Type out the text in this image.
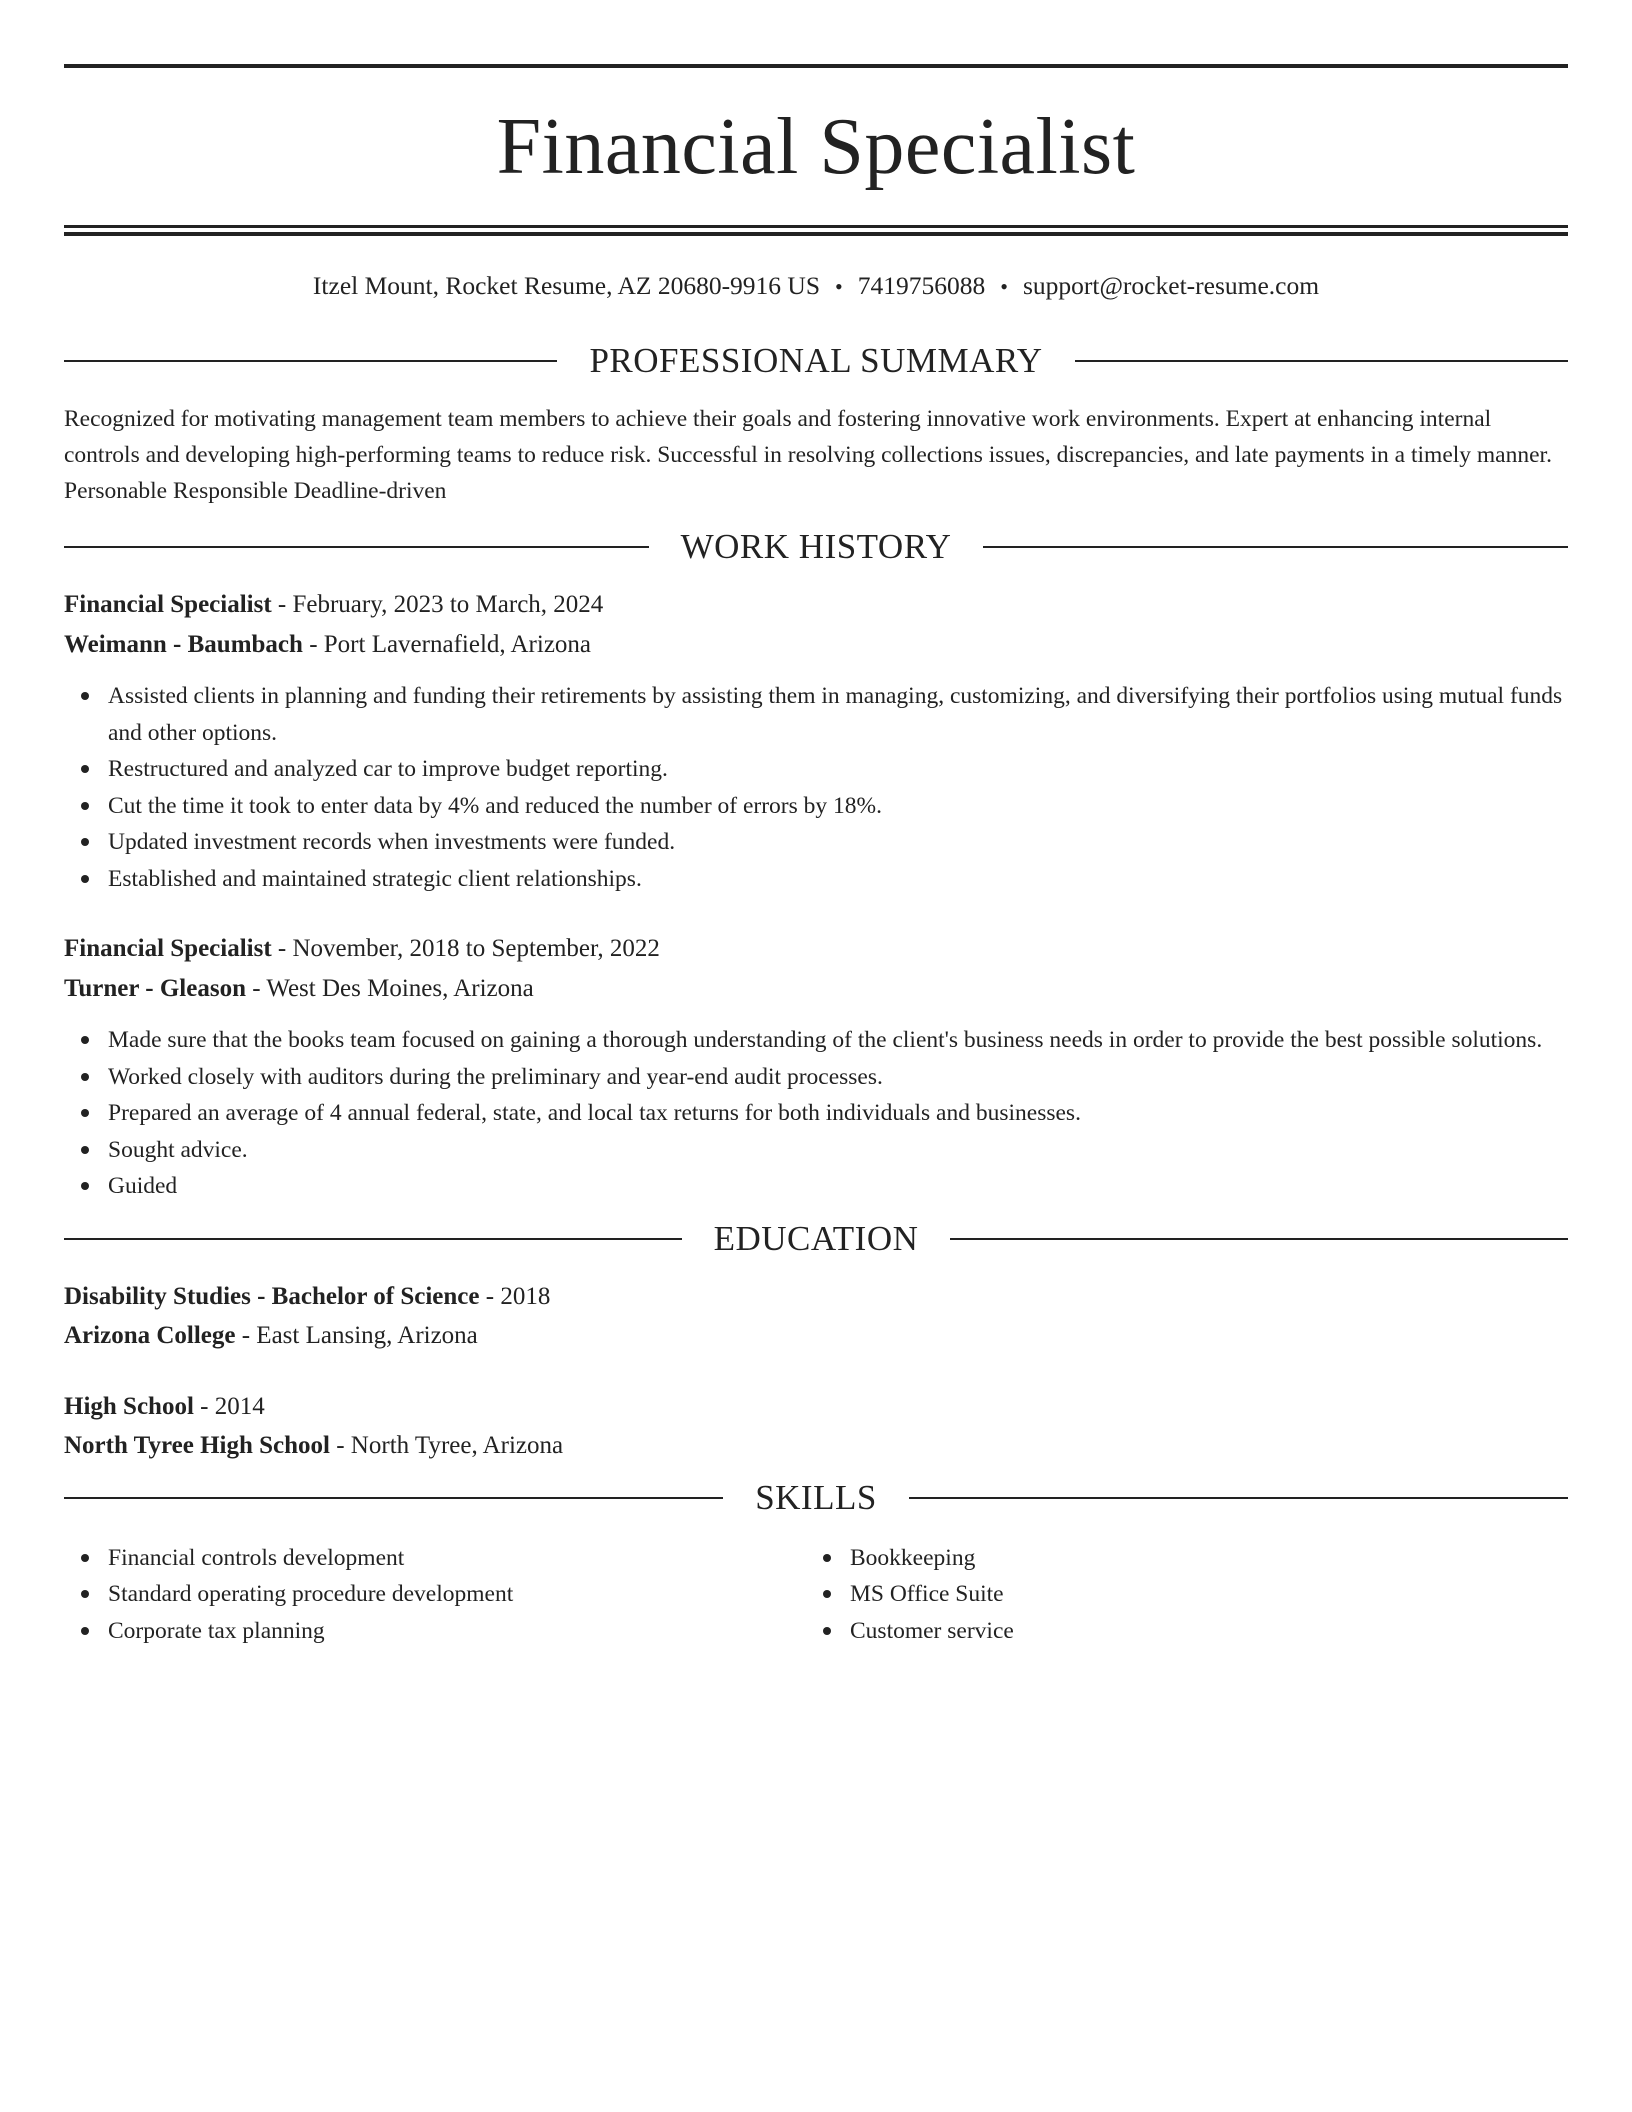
Financial Specialist
Itzel Mount, Rocket Resume, AZ 20680-9916 US • 7419756088 • support@rocket-resume.com
PROFESSIONAL SUMMARY
Recognized for motivating management team members to achieve their goals and fostering innovative work environments. Expert at enhancing internal controls and developing high-performing teams to reduce risk. Successful in resolving collections issues, discrepancies, and late payments in a timely manner. Personable Responsible Deadline-driven
WORK HISTORY
Financial Specialist - February, 2023 to March, 2024
Weimann - Baumbach - Port Lavernafield, Arizona
Assisted clients in planning and funding their retirements by assisting them in managing, customizing, and diversifying their portfolios using mutual funds and other options.
Restructured and analyzed car to improve budget reporting.
Cut the time it took to enter data by 4% and reduced the number of errors by 18%.
Updated investment records when investments were funded.
Established and maintained strategic client relationships.
Financial Specialist - November, 2018 to September, 2022
Turner - Gleason - West Des Moines, Arizona
Made sure that the books team focused on gaining a thorough understanding of the client's business needs in order to provide the best possible solutions.
Worked closely with auditors during the preliminary and year-end audit processes.
Prepared an average of 4 annual federal, state, and local tax returns for both individuals and businesses.
Sought advice.
Guided
EDUCATION
Disability Studies - Bachelor of Science - 2018
Arizona College - East Lansing, Arizona
High School - 2014
North Tyree High School - North Tyree, Arizona
SKILLS
Financial controls development
Standard operating procedure development
Corporate tax planning
Bookkeeping
MS Office Suite
Customer service
